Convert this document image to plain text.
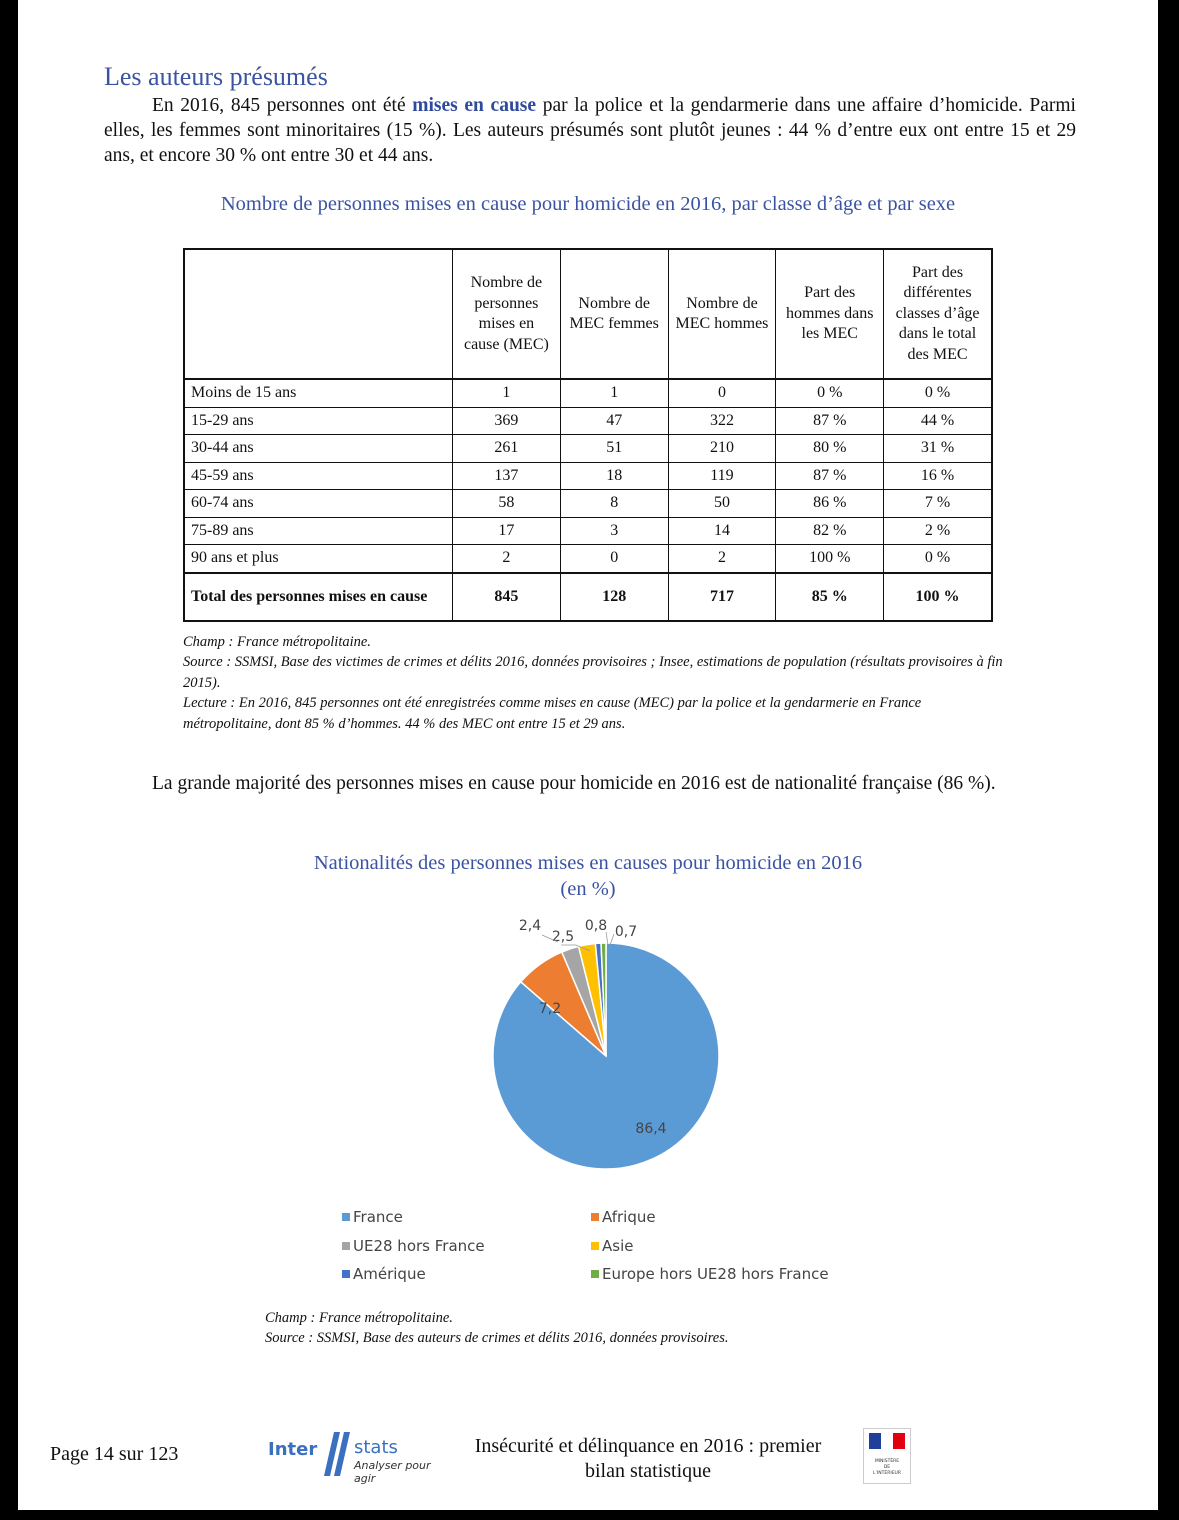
Les auteurs présumés

En 2016, 845 personnes ont été mises en cause par la police et la gendarmerie dans une affaire d’homicide. Parmi elles, les femmes sont minoritaires (15 %). Les auteurs présumés sont plutôt jeunes : 44 % d’entre eux ont entre 15 et 29 ans, et encore 30 % ont entre 30 et 44 ans.

Nombre de personnes mises en cause pour homicide en 2016, par classe d’âge et par sexe
	Nombre de personnes mises en cause (MEC)	Nombre de MEC femmes	Nombre de MEC hommes	Part des hommes dans les MEC	Part des différentes classes d’âge dans le total des MEC
Moins de 15 ans	1	1	0	0 %	0 %
15-29 ans	369	47	322	87 %	44 %
30-44 ans	261	51	210	80 %	31 %
45-59 ans	137	18	119	87 %	16 %
60-74 ans	58	8	50	86 %	7 %
75-89 ans	17	3	14	82 %	2 %
90 ans et plus	2	0	2	100 %	0 %
Total des personnes mises en cause	845	128	717	85 %	100 %
Champ : France métropolitaine.
Source : SSMSI, Base des victimes de crimes et délits 2016, données provisoires ; Insee, estimations de population (résultats provisoires à fin 2015).
Lecture : En 2016, 845 personnes ont été enregistrées comme mises en cause (MEC) par la police et la gendarmerie en France métropolitaine, dont 85 % d’hommes. 44 % des MEC ont entre 15 et 29 ans.

La grande majorité des personnes mises en cause pour homicide en 2016 est de nationalité française (86 %).

Nationalités des personnes mises en causes pour homicide en 2016
(en %)
86,4
7,2
2,5
2,4	0,8 0,7
France	Afrique
UE28 hors France	Asie
Amérique	Europe hors UE28 hors France
Champ : France métropolitaine.
Source : SSMSI, Base des auteurs de crimes et délits 2016, données provisoires.
Page 14 sur 123	Inter stats
Analyser pour agir
Insécurité et délinquance en 2016 : premier bilan statistique	MINISTÈRE
DE
L’INTÉRIEUR
